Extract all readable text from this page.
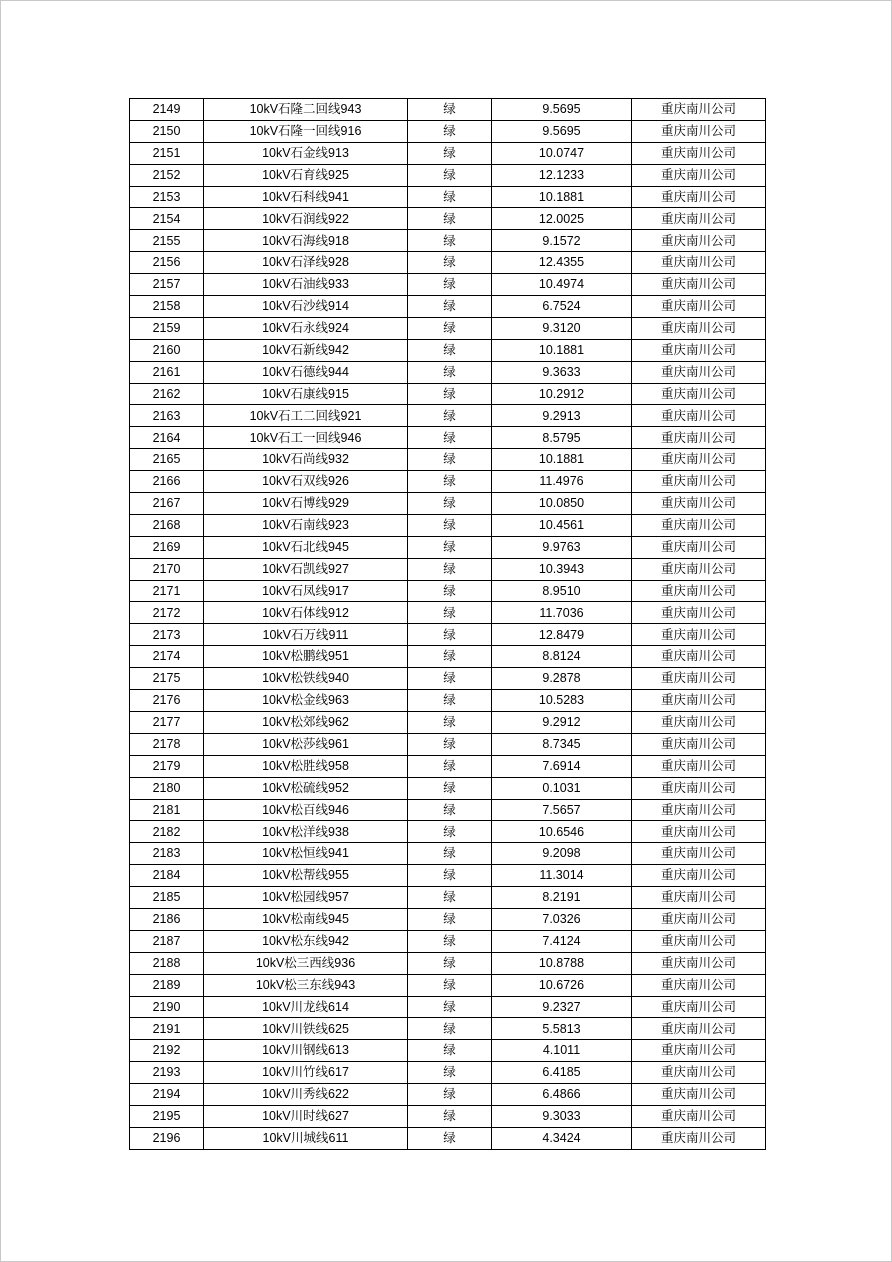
2149	10kV石隆二回线943	绿	9.5695	重庆南川公司
2150	10kV石隆一回线916	绿	9.5695	重庆南川公司
2151	10kV石金线913	绿	10.0747	重庆南川公司
2152	10kV石育线925	绿	12.1233	重庆南川公司
2153	10kV石科线941	绿	10.1881	重庆南川公司
2154	10kV石润线922	绿	12.0025	重庆南川公司
2155	10kV石海线918	绿	9.1572	重庆南川公司
2156	10kV石泽线928	绿	12.4355	重庆南川公司
2157	10kV石油线933	绿	10.4974	重庆南川公司
2158	10kV石沙线914	绿	6.7524	重庆南川公司
2159	10kV石永线924	绿	9.3120	重庆南川公司
2160	10kV石新线942	绿	10.1881	重庆南川公司
2161	10kV石德线944	绿	9.3633	重庆南川公司
2162	10kV石康线915	绿	10.2912	重庆南川公司
2163	10kV石工二回线921	绿	9.2913	重庆南川公司
2164	10kV石工一回线946	绿	8.5795	重庆南川公司
2165	10kV石尚线932	绿	10.1881	重庆南川公司
2166	10kV石双线926	绿	11.4976	重庆南川公司
2167	10kV石博线929	绿	10.0850	重庆南川公司
2168	10kV石南线923	绿	10.4561	重庆南川公司
2169	10kV石北线945	绿	9.9763	重庆南川公司
2170	10kV石凯线927	绿	10.3943	重庆南川公司
2171	10kV石凤线917	绿	8.9510	重庆南川公司
2172	10kV石体线912	绿	11.7036	重庆南川公司
2173	10kV石万线911	绿	12.8479	重庆南川公司
2174	10kV松鹏线951	绿	8.8124	重庆南川公司
2175	10kV松铁线940	绿	9.2878	重庆南川公司
2176	10kV松金线963	绿	10.5283	重庆南川公司
2177	10kV松郊线962	绿	9.2912	重庆南川公司
2178	10kV松莎线961	绿	8.7345	重庆南川公司
2179	10kV松胜线958	绿	7.6914	重庆南川公司
2180	10kV松硫线952	绿	0.1031	重庆南川公司
2181	10kV松百线946	绿	7.5657	重庆南川公司
2182	10kV松洋线938	绿	10.6546	重庆南川公司
2183	10kV松恒线941	绿	9.2098	重庆南川公司
2184	10kV松帮线955	绿	11.3014	重庆南川公司
2185	10kV松园线957	绿	8.2191	重庆南川公司
2186	10kV松南线945	绿	7.0326	重庆南川公司
2187	10kV松东线942	绿	7.4124	重庆南川公司
2188	10kV松三西线936	绿	10.8788	重庆南川公司
2189	10kV松三东线943	绿	10.6726	重庆南川公司
2190	10kV川龙线614	绿	9.2327	重庆南川公司
2191	10kV川铁线625	绿	5.5813	重庆南川公司
2192	10kV川钢线613	绿	4.1011	重庆南川公司
2193	10kV川竹线617	绿	6.4185	重庆南川公司
2194	10kV川秀线622	绿	6.4866	重庆南川公司
2195	10kV川时线627	绿	9.3033	重庆南川公司
2196	10kV川城线611	绿	4.3424	重庆南川公司
